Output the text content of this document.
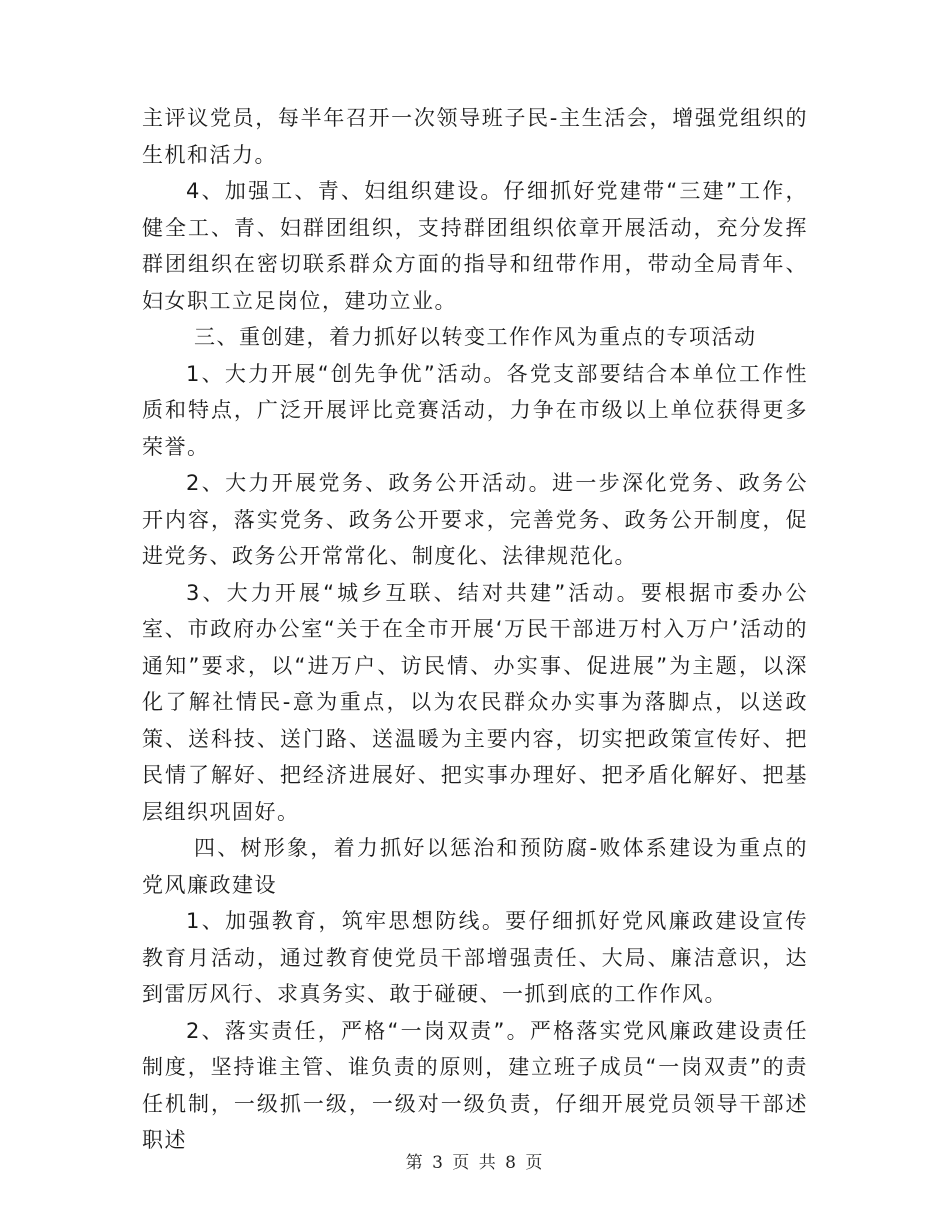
主评议党员，每半年召开一次领导班子民-主生活会，增强党组织的生机和活力。

4、加强工、青、妇组织建设。仔细抓好党建带“三建”工作，健全工、青、妇群团组织，支持群团组织依章开展活动，充分发挥群团组织在密切联系群众方面的指导和纽带作用，带动全局青年、妇女职工立足岗位，建功立业。

三、重创建，着力抓好以转变工作作风为重点的专项活动

1、大力开展“创先争优”活动。各党支部要结合本单位工作性质和特点，广泛开展评比竞赛活动，力争在市级以上单位获得更多荣誉。

2、大力开展党务、政务公开活动。进一步深化党务、政务公开内容，落实党务、政务公开要求，完善党务、政务公开制度，促进党务、政务公开常常化、制度化、法律规范化。

3、大力开展“城乡互联、结对共建”活动。要根据市委办公室、市政府办公室“关于在全市开展‘万民干部进万村入万户’活动的通知”要求，以“进万户、访民情、办实事、促进展”为主题，以深化了解社情民-意为重点，以为农民群众办实事为落脚点，以送政策、送科技、送门路、送温暖为主要内容，切实把政策宣传好、把民情了解好、把经济进展好、把实事办理好、把矛盾化解好、把基层组织巩固好。

四、树形象，着力抓好以惩治和预防腐-败体系建设为重点的党风廉政建设

1、加强教育，筑牢思想防线。要仔细抓好党风廉政建设宣传教育月活动，通过教育使党员干部增强责任、大局、廉洁意识，达到雷厉风行、求真务实、敢于碰硬、一抓到底的工作作风。

2、落实责任，严格“一岗双责”。严格落实党风廉政建设责任制度，坚持谁主管、谁负责的原则，建立班子成员“一岗双责”的责任机制，一级抓一级，一级对一级负责，仔细开展党员领导干部述职述

第 3 页 共 8 页
